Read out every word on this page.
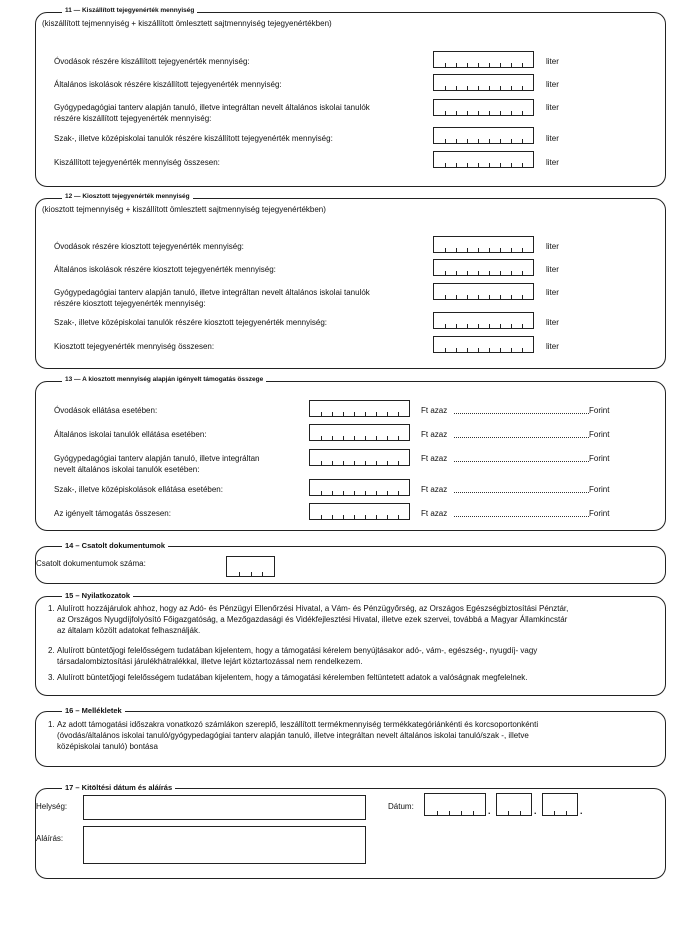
11 — Kiszállított tejegyenérték mennyiség
(kiszállított tejmennyiség + kiszállított ömlesztett sajtmennyiség tejegyenértékben)
Óvodások részére kiszállított tejegyenérték mennyiség:	liter
Általános iskolások részére kiszállított tejegyenérték mennyiség:	liter
Gyógypedagógiai tanterv alapján tanuló, illetve integráltan nevelt általános iskolai tanulók
részére kiszállított tejegyenérték mennyiség:
liter
Szak-, illetve középiskolai tanulók részére kiszállított tejegyenérték mennyiség:	liter
Kiszállított tejegyenérték mennyiség összesen:	liter
12 — Kiosztott tejegyenérték mennyiség
(kiosztott tejmennyiség + kiszállított ömlesztett sajtmennyiség tejegyenértékben)
Óvodások részére kiosztott tejegyenérték mennyiség:	liter
Általános iskolások részére kiosztott tejegyenérték mennyiség:	liter
Gyógypedagógiai tanterv alapján tanuló, illetve integráltan nevelt általános iskolai tanulók
részére kiosztott tejegyenérték mennyiség:
liter
Szak-, illetve középiskolai tanulók részére kiosztott tejegyenérték mennyiség:	liter
Kiosztott tejegyenérték mennyiség összesen:	liter
13 — A kiosztott mennyiség alapján igényelt támogatás összege
Óvodások ellátása esetében:	Ft azaz	Forint
Általános iskolai tanulók ellátása esetében:	Ft azaz	Forint
Gyógypedagógiai tanterv alapján tanuló, illetve integráltan
nevelt általános iskolai tanulók esetében:
Ft azaz	Forint
Szak-, illetve középiskolások ellátása esetében:	Ft azaz	Forint
Az igényelt támogatás összesen:	Ft azaz	Forint
14 – Csatolt dokumentumok
Csatolt dokumentumok száma:
15 – Nyilatkozatok
1. Alulírott hozzájárulok ahhoz, hogy az Adó- és Pénzügyi Ellenőrzési Hivatal, a Vám- és Pénzügyőrség, az Országos Egészségbiztosítási Pénztár,
az Országos Nyugdíjfolyósító Főigazgatóság, a Mezőgazdasági és Vidékfejlesztési Hivatal, illetve ezek szervei, továbbá a Magyar Államkincstár
az általam közölt adatokat felhasználják.
2. Alulírott büntetőjogi felelősségem tudatában kijelentem, hogy a támogatási kérelem benyújtásakor adó-, vám-, egészség-, nyugdíj- vagy
társadalombiztosítási járulékhátralékkal, illetve lejárt köztartozással nem rendelkezem.
3. Alulírott büntetőjogi felelősségem tudatában kijelentem, hogy a támogatási kérelemben feltüntetett adatok a valóságnak megfelelnek.
16 – Mellékletek
1. Az adott támogatási időszakra vonatkozó számlákon szereplő, leszállított termékmennyiség termékkategóriánkénti és korcsoportonkénti
(óvodás/általános iskolai tanuló/gyógypedagógiai tanterv alapján tanuló, illetve integráltan nevelt általános iskolai tanuló/szak -, illetve
középiskolai tanuló) bontása
17 – Kitöltési dátum és aláírás
Helység:	Dátum:	.	.	.
Aláírás:
